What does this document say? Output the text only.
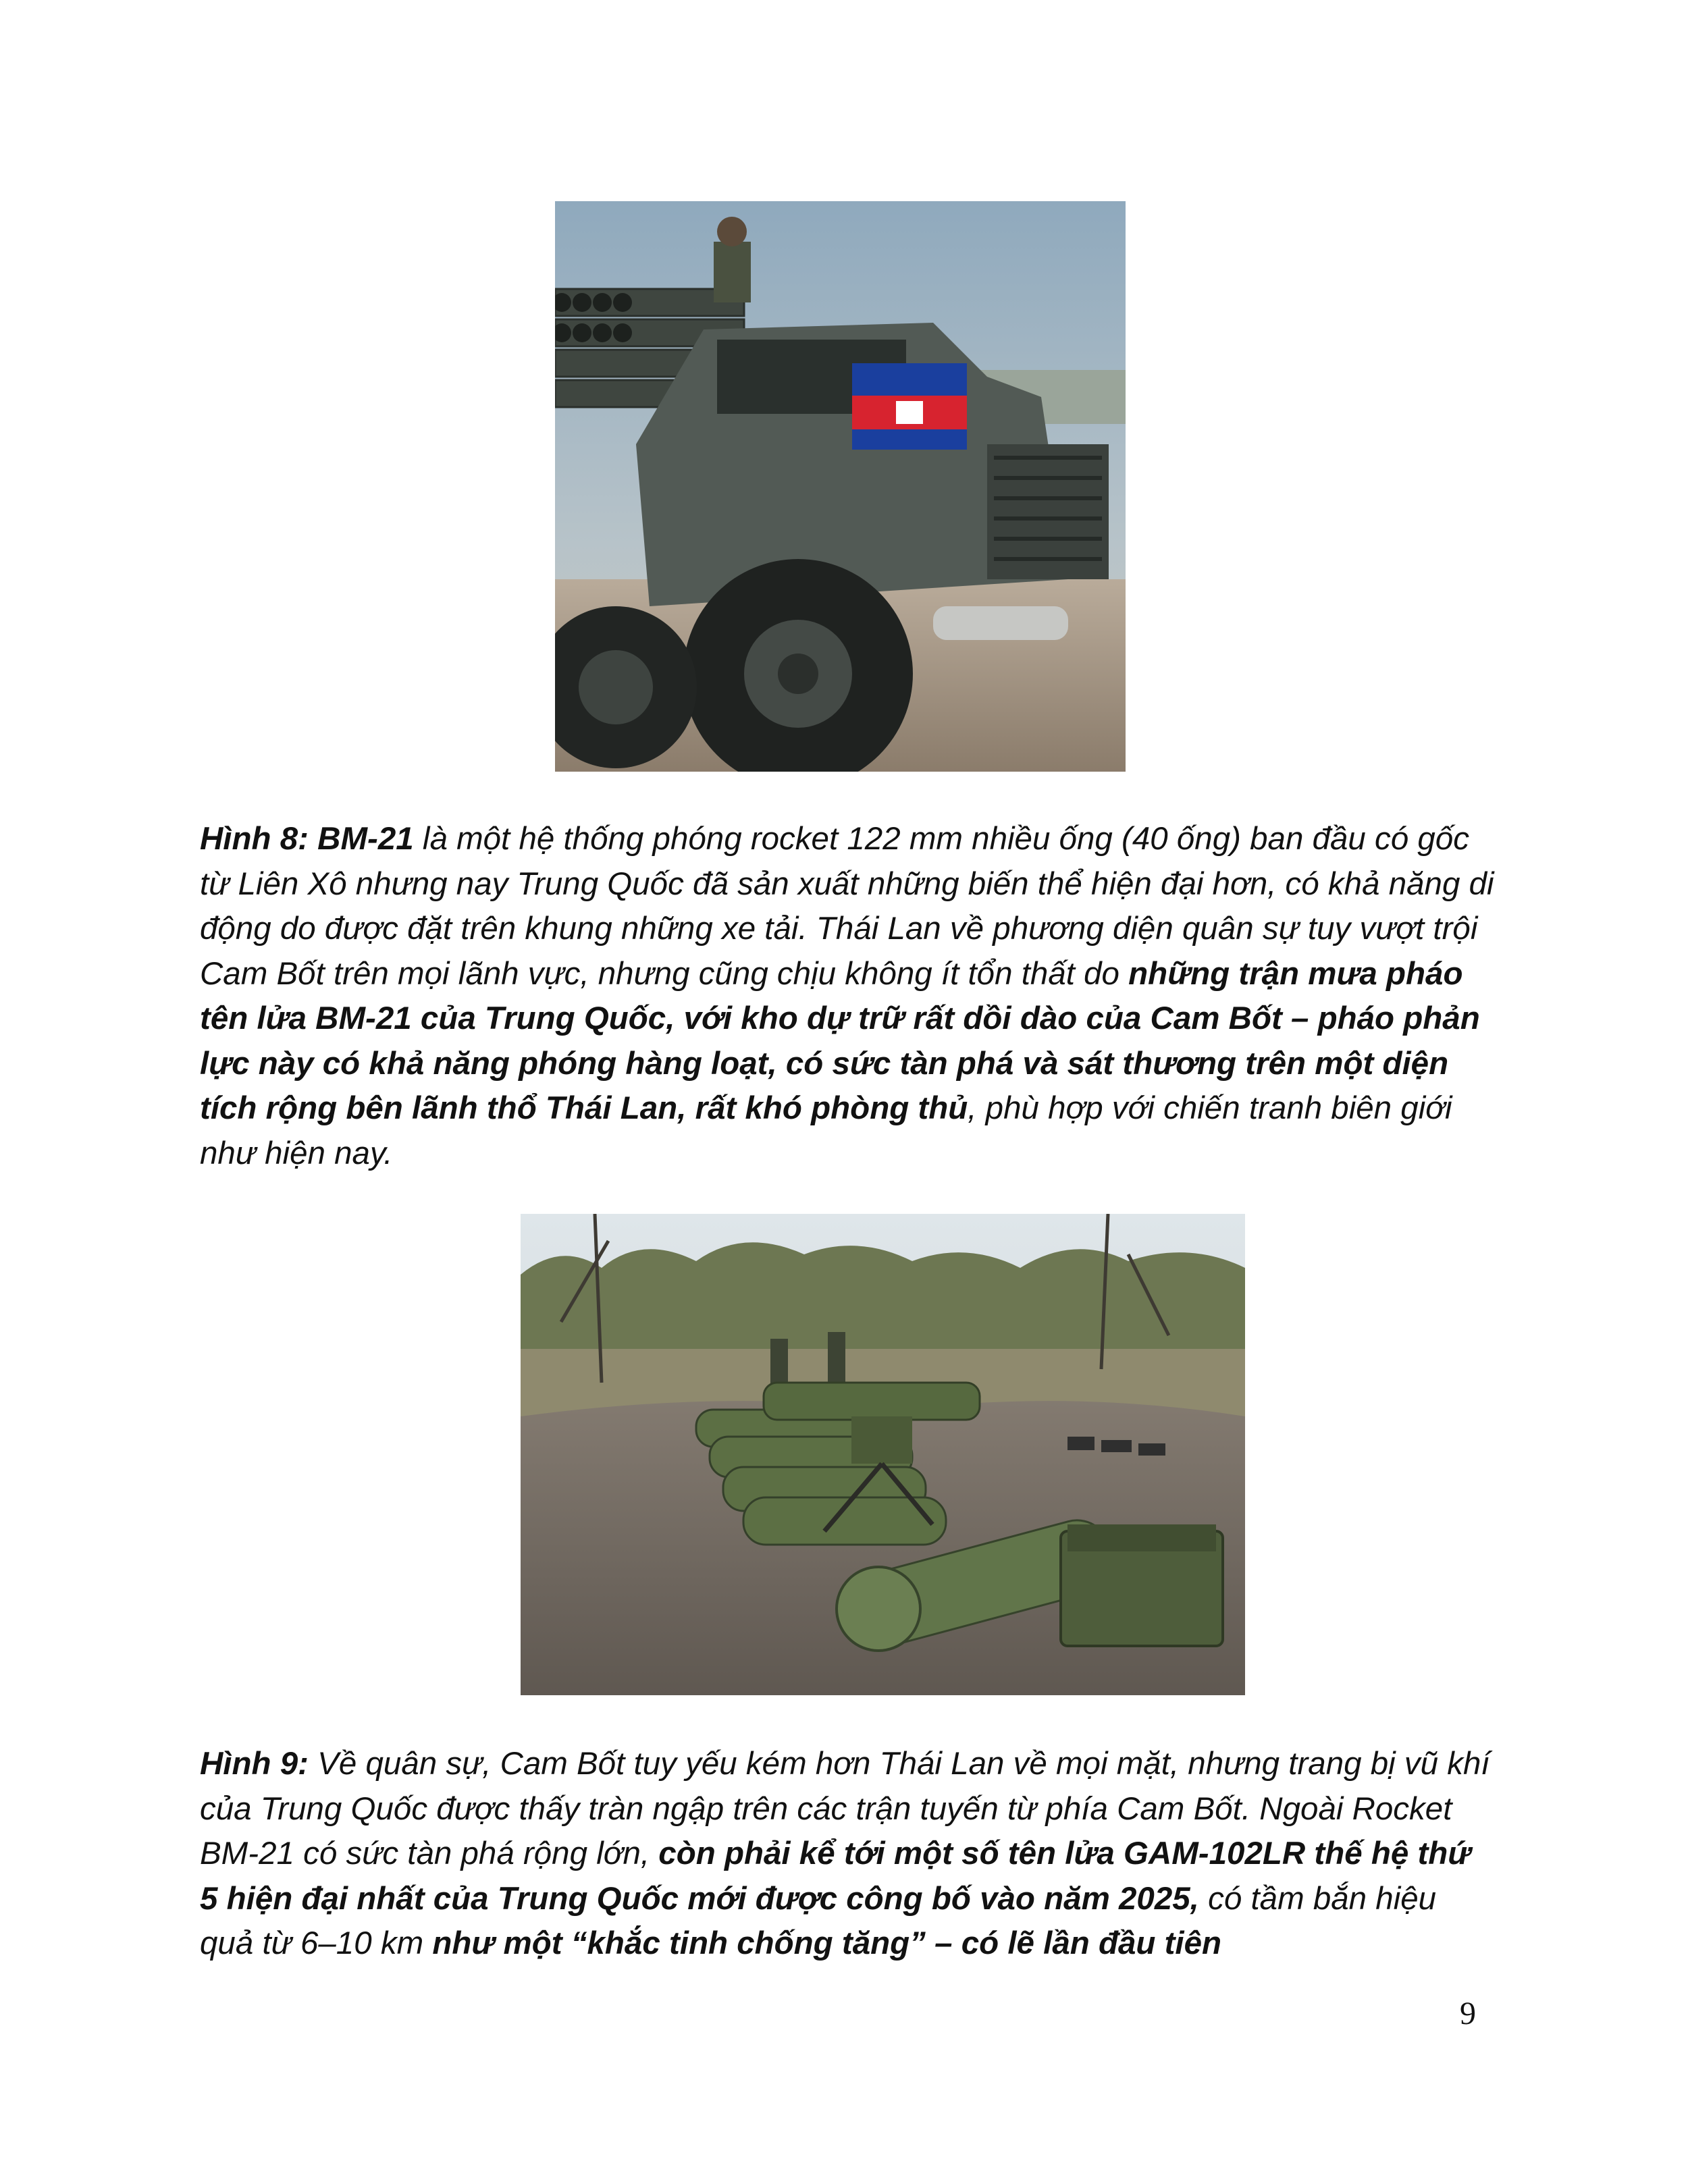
Hình 8: BM-21 là một hệ thống phóng rocket 122 mm nhiều ống (40 ống) ban đầu có gốc từ Liên Xô nhưng nay Trung Quốc đã sản xuất những biến thể hiện đại hơn, có khả năng di động do được đặt trên khung những xe tải. Thái Lan về phương diện quân sự tuy vượt trội Cam Bốt trên mọi lãnh vực, nhưng cũng chịu không ít tổn thất do những trận mưa pháo tên lửa BM-21 của Trung Quốc, với kho dự trữ rất dồi dào của Cam Bốt – pháo phản lực này có khả năng phóng hàng loạt, có sức tàn phá và sát thương trên một diện tích rộng bên lãnh thổ Thái Lan, rất khó phòng thủ, phù hợp với chiến tranh biên giới như hiện nay.

Hình 9: Về quân sự, Cam Bốt tuy yếu kém hơn Thái Lan về mọi mặt, nhưng trang bị vũ khí của Trung Quốc được thấy tràn ngập trên các trận tuyến từ phía Cam Bốt. Ngoài Rocket BM-21 có sức tàn phá rộng lớn, còn phải kể tới một số tên lửa GAM-102LR thế hệ thứ 5 hiện đại nhất của Trung Quốc mới được công bố vào năm 2025, có tầm bắn hiệu quả từ 6–10 km như một “khắc tinh chống tăng” – có lẽ lần đầu tiên

9
